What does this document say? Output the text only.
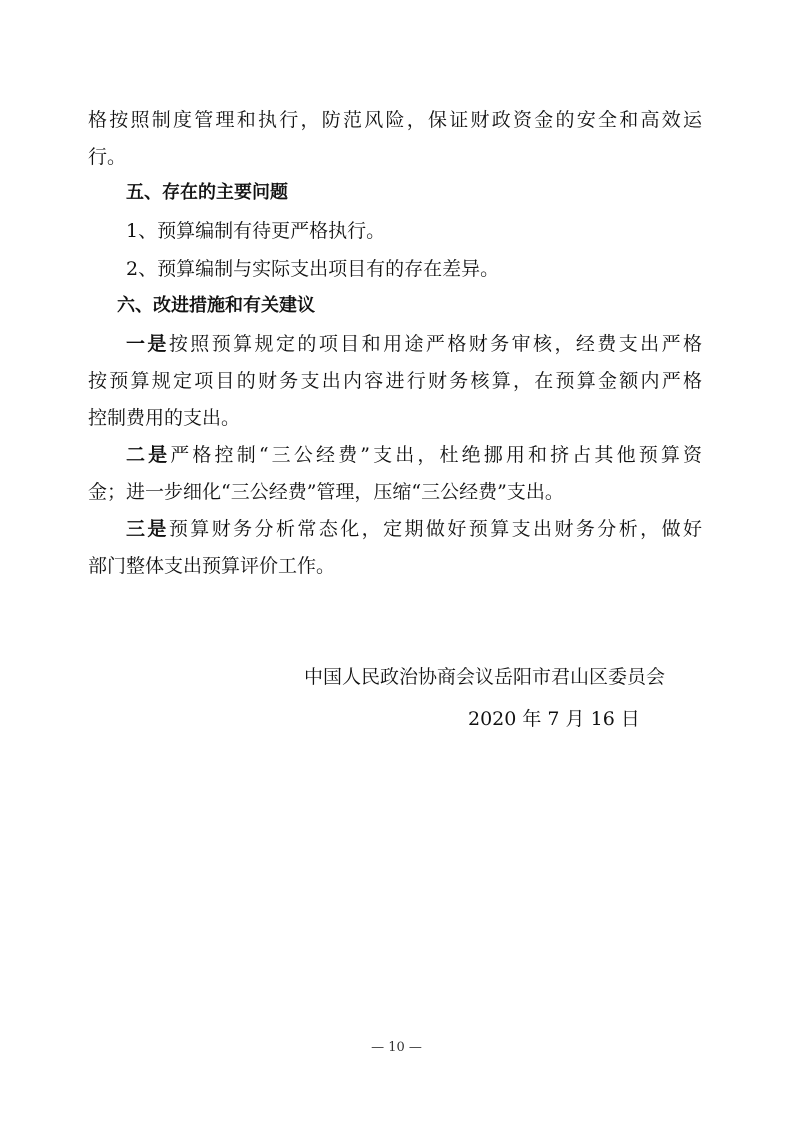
格按照制度管理和执行，防范风险，保证财政资金的安全和高效运
行。
五、存在的主要问题
1、预算编制有待更严格执行。
2、预算编制与实际支出项目有的存在差异。
六、改进措施和有关建议
一是按照预算规定的项目和用途严格财务审核，经费支出严格
按预算规定项目的财务支出内容进行财务核算，在预算金额内严格
控制费用的支出。
二是严格控制“三公经费”支出，杜绝挪用和挤占其他预算资
金；进一步细化“三公经费”管理，压缩“三公经费”支出。
三是预算财务分析常态化，定期做好预算支出财务分析，做好
部门整体支出预算评价工作。
中国人民政治协商会议岳阳市君山区委员会
2020 年 7 月 16 日
— 10 —
